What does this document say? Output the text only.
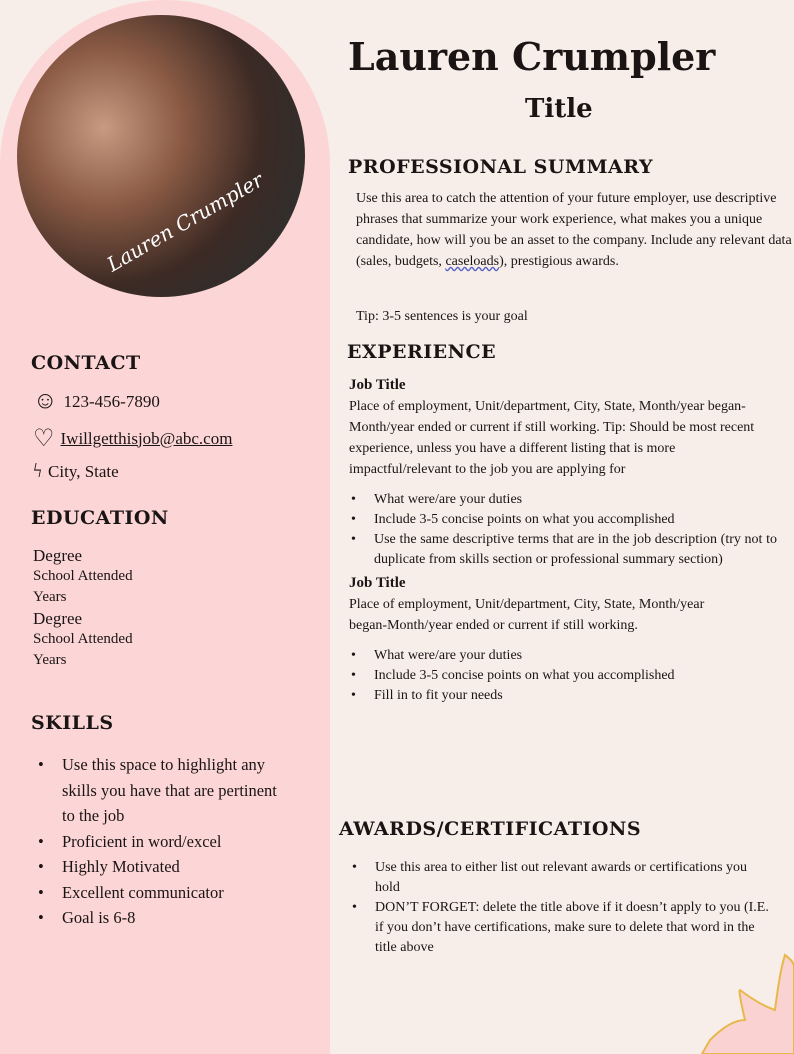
Lauren Crumpler
CONTACT
☺ 123-456-7890
♡ Iwillgetthisjob@abc.com
ϟ City, State
EDUCATION
Degree
School Attended
Years
Degree
School Attended
Years
SKILLS
• Use this space to highlight any skills you have that are pertinent to the job
• Proficient in word/excel
• Highly Motivated
• Excellent communicator
• Goal is 6-8
Lauren Crumpler
Title
PROFESSIONAL SUMMARY
Use this area to catch the attention of your future employer, use descriptive phrases that summarize your work experience, what makes you a unique candidate, how will you be an asset to the company. Include any relevant data (sales, budgets, caseloads), prestigious awards.
Tip: 3-5 sentences is your goal
EXPERIENCE
Job Title
Place of employment, Unit/department, City, State, Month/year began-Month/year ended or current if still working. Tip: Should be most recent experience, unless you have a different listing that is more impactful/relevant to the job you are applying for
• What were/are your duties
• Include 3-5 concise points on what you accomplished
• Use the same descriptive terms that are in the job description (try not to duplicate from skills section or professional summary section)
Job Title
Place of employment, Unit/department, City, State, Month/year began-Month/year ended or current if still working.
• What were/are your duties
• Include 3-5 concise points on what you accomplished
• Fill in to fit your needs
AWARDS/CERTIFICATIONS
• Use this area to either list out relevant awards or certifications you hold
• DON’T FORGET: delete the title above if it doesn’t apply to you (I.E. if you don’t have certifications, make sure to delete that word in the title above
